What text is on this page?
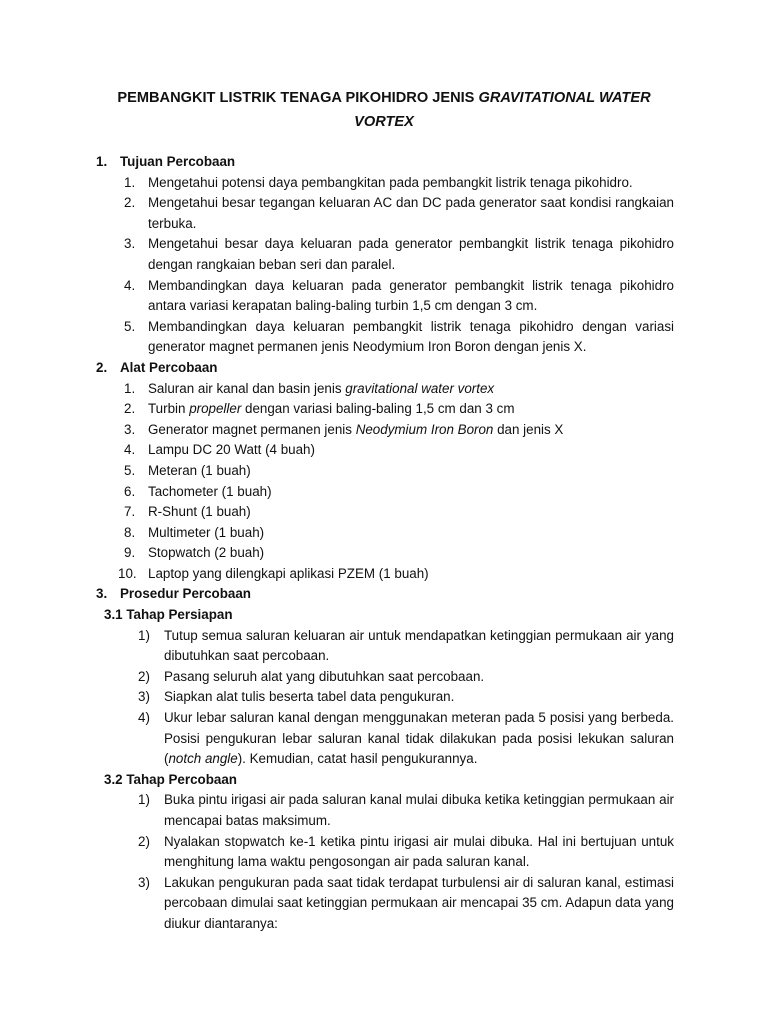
PEMBANGKIT LISTRIK TENAGA PIKOHIDRO JENIS GRAVITATIONAL WATER VORTEX
1. Tujuan Percobaan
1. Mengetahui potensi daya pembangkitan pada pembangkit listrik tenaga pikohidro.
2. Mengetahui besar tegangan keluaran AC dan DC pada generator saat kondisi rangkaian terbuka.
3. Mengetahui besar daya keluaran pada generator pembangkit listrik tenaga pikohidro dengan rangkaian beban seri dan paralel.
4. Membandingkan daya keluaran pada generator pembangkit listrik tenaga pikohidro antara variasi kerapatan baling-baling turbin 1,5 cm dengan 3 cm.
5. Membandingkan daya keluaran pembangkit listrik tenaga pikohidro dengan variasi generator magnet permanen jenis Neodymium Iron Boron dengan jenis X.
2. Alat Percobaan
1. Saluran air kanal dan basin jenis gravitational water vortex
2. Turbin propeller dengan variasi baling-baling 1,5 cm dan 3 cm
3. Generator magnet permanen jenis Neodymium Iron Boron dan jenis X
4. Lampu DC 20 Watt (4 buah)
5. Meteran (1 buah)
6. Tachometer (1 buah)
7. R-Shunt (1 buah)
8. Multimeter (1 buah)
9. Stopwatch (2 buah)
10. Laptop yang dilengkapi aplikasi PZEM (1 buah)
3. Prosedur Percobaan
3.1 Tahap Persiapan
1) Tutup semua saluran keluaran air untuk mendapatkan ketinggian permukaan air yang dibutuhkan saat percobaan.
2) Pasang seluruh alat yang dibutuhkan saat percobaan.
3) Siapkan alat tulis beserta tabel data pengukuran.
4) Ukur lebar saluran kanal dengan menggunakan meteran pada 5 posisi yang berbeda. Posisi pengukuran lebar saluran kanal tidak dilakukan pada posisi lekukan saluran (notch angle). Kemudian, catat hasil pengukurannya.
3.2 Tahap Percobaan
1) Buka pintu irigasi air pada saluran kanal mulai dibuka ketika ketinggian permukaan air mencapai batas maksimum.
2) Nyalakan stopwatch ke-1 ketika pintu irigasi air mulai dibuka. Hal ini bertujuan untuk menghitung lama waktu pengosongan air pada saluran kanal.
3) Lakukan pengukuran pada saat tidak terdapat turbulensi air di saluran kanal, estimasi percobaan dimulai saat ketinggian permukaan air mencapai 35 cm. Adapun data yang diukur diantaranya:
